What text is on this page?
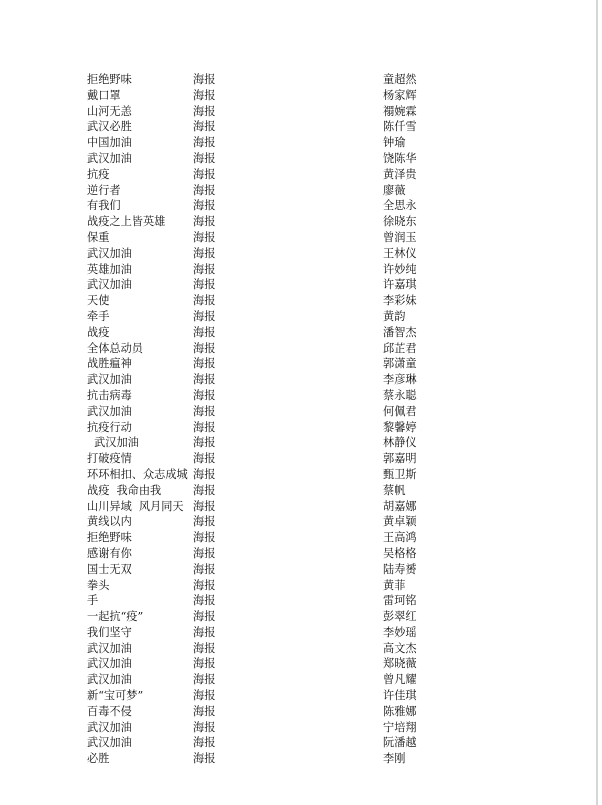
拒绝野味	海报	童超然
戴口罩	海报	杨家辉
山河无恙	海报	禤婉霖
武汉必胜	海报	陈仟雪
中国加油	海报	钟瑜
武汉加油	海报	饶陈华
抗疫	海报	黄泽贵
逆行者	海报	廖薇
有我们	海报	全思永
战疫之上皆英雄 海报	徐晓东
保重	海报	曾润玉
武汉加油	海报	王林仪
英雄加油	海报	许妙纯
武汉加油	海报	许嘉琪
天使	海报	李彩妹
牵手	海报	黄韵
战疫	海报	潘智杰
全体总动员	海报	邱芷君
战胜瘟神	海报	郭潇童
武汉加油	海报	李彦琳
抗击病毒	海报	蔡永聪
武汉加油	海报	何佩君
抗疫行动	海报	黎馨婷
武汉加油	海报	林静仪
打破疫情	海报	郭嘉明
环环相扣、众志成城 海报	甄卫斯
战疫  我命由我	海报	蔡帆
山川异域  风月同天 海报	胡嘉娜
黄线以内	海报	黄卓颖
拒绝野味	海报	王高鸿
感谢有你	海报	吴格格
国士无双	海报	陆寿赟
拳头	海报	黄菲
手	海报	雷珂铭
一起抗“疫”	海报	彭翠红
我们坚守	海报	李妙瑶
武汉加油	海报	高文杰
武汉加油	海报	郑晓薇
武汉加油	海报	曾凡耀
新“宝可梦”	海报	许佳琪
百毒不侵	海报	陈雅娜
武汉加油	海报	宁培翔
武汉加油	海报	阮潘越
必胜	海报	李刚
